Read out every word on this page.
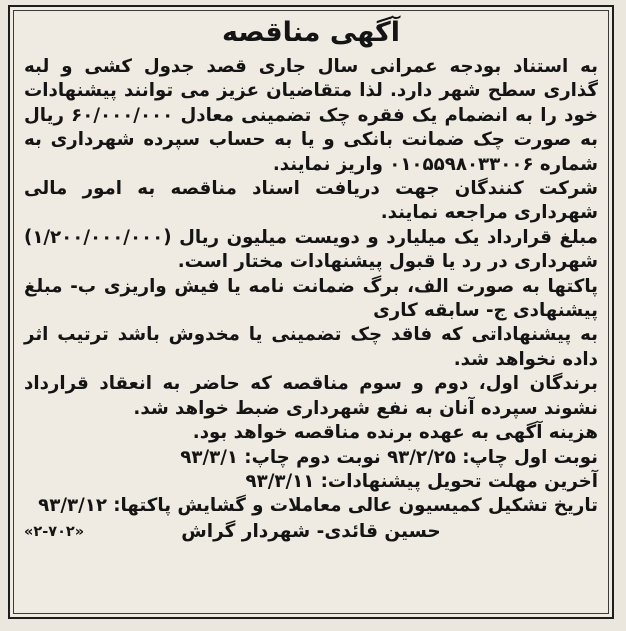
آگهی مناقصه

به استناد بودجه عمرانی سال جاری قصد جدول کشی و لبه گذاری سطح شهر دارد. لذا متقاضیان عزیز می توانند پیشنهادات خود را به انضمام یک فقره چک تضمینی معادل ۶۰/۰۰۰/۰۰۰ ریال به صورت چک ضمانت بانکی و یا به حساب سپرده شهرداری به شماره ۰۱۰۵۵۹۸۰۳۳۰۰۶ واریز نمایند.

شرکت کنندگان جهت دریافت اسناد مناقصه به امور مالی شهرداری مراجعه نمایند.

مبلغ قرارداد یک میلیارد و دویست میلیون ریال (۱/۲۰۰/۰۰۰/۰۰۰) شهرداری در رد یا قبول پیشنهادات مختار است.

پاکتها به صورت الف، برگ ضمانت نامه یا فیش واریزی ب- مبلغ پیشنهادی ج- سابقه کاری

به پیشنهاداتی که فاقد چک تضمینی یا مخدوش باشد ترتیب اثر داده نخواهد شد.

برندگان اول، دوم و سوم مناقصه که حاضر به انعقاد قرارداد نشوند سپرده آنان به نفع شهرداری ضبط خواهد شد.

هزینه آگهی به عهده برنده مناقصه خواهد بود.

نوبت اول چاپ: ۹۳/۲/۲۵ نوبت دوم چاپ: ۹۳/۳/۱
آخرین مهلت تحویل پیشنهادات: ۹۳/۳/۱۱
تاریخ تشکیل کمیسیون عالی معاملات و گشایش پاکتها: ۹۳/۳/۱۲
حسین قائدی- شهردار گراش
«۲-۷۰۲»
